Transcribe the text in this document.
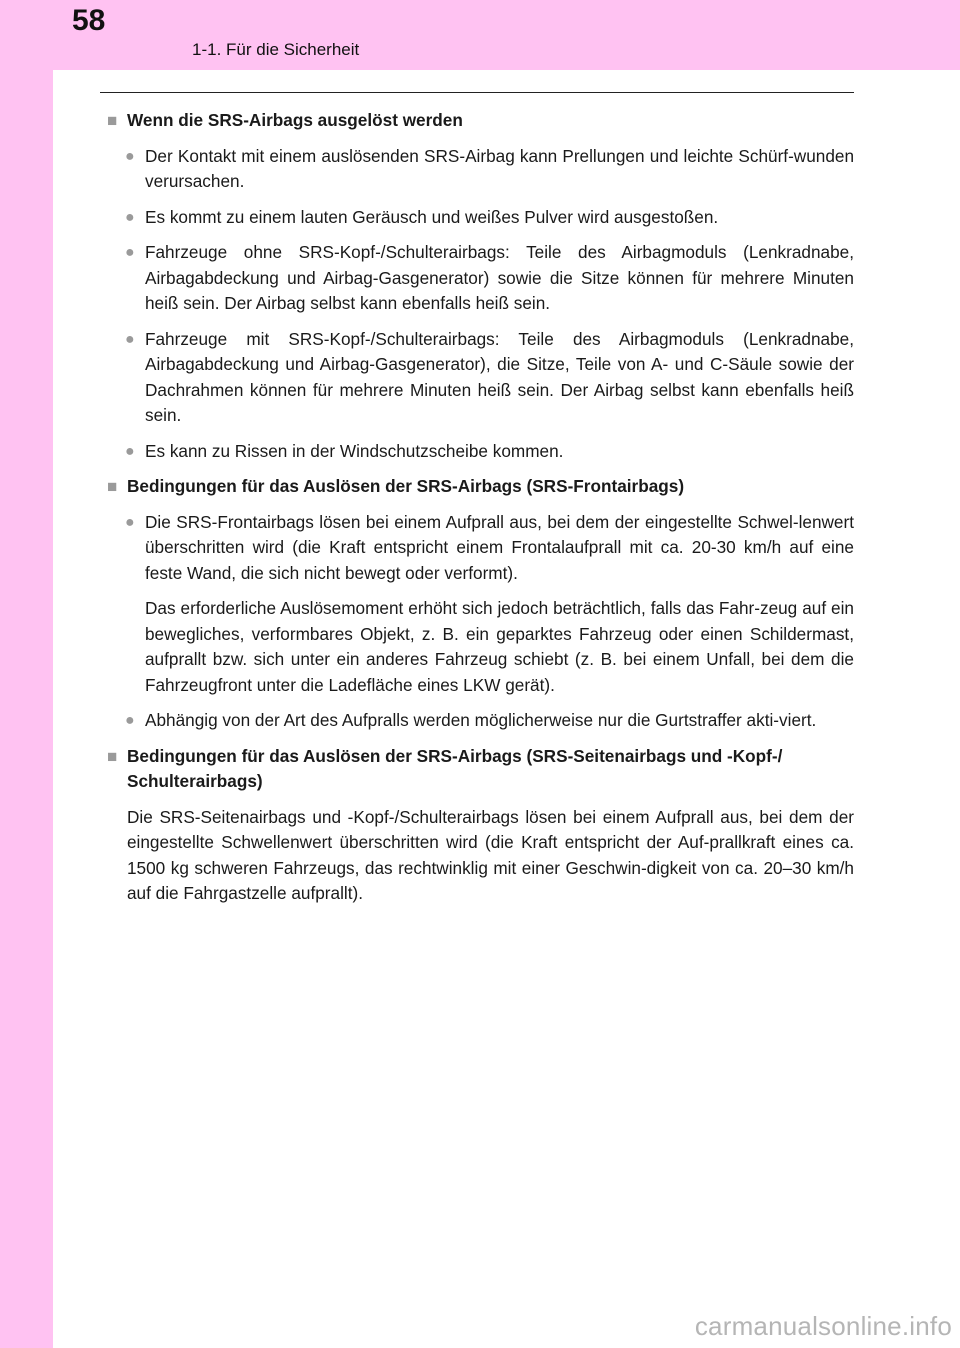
58
1-1. Für die Sicherheit
■ Wenn die SRS-Airbags ausgelöst werden
● Der Kontakt mit einem auslösenden SRS-Airbag kann Prellungen und leichte Schürf-wunden verursachen.
● Es kommt zu einem lauten Geräusch und weißes Pulver wird ausgestoßen.
● Fahrzeuge ohne SRS-Kopf-/Schulterairbags: Teile des Airbagmoduls (Lenkradnabe, Airbagabdeckung und Airbag-Gasgenerator) sowie die Sitze können für mehrere Minuten heiß sein. Der Airbag selbst kann ebenfalls heiß sein.
● Fahrzeuge mit SRS-Kopf-/Schulterairbags: Teile des Airbagmoduls (Lenkradnabe, Airbagabdeckung und Airbag-Gasgenerator), die Sitze, Teile von A- und C-Säule sowie der Dachrahmen können für mehrere Minuten heiß sein. Der Airbag selbst kann ebenfalls heiß sein.
● Es kann zu Rissen in der Windschutzscheibe kommen.
■ Bedingungen für das Auslösen der SRS-Airbags (SRS-Frontairbags)
● Die SRS-Frontairbags lösen bei einem Aufprall aus, bei dem der eingestellte Schwel-lenwert überschritten wird (die Kraft entspricht einem Frontalaufprall mit ca. 20-30 km/h auf eine feste Wand, die sich nicht bewegt oder verformt).
Das erforderliche Auslösemoment erhöht sich jedoch beträchtlich, falls das Fahr-zeug auf ein bewegliches, verformbares Objekt, z. B. ein geparktes Fahrzeug oder einen Schildermast, aufprallt bzw. sich unter ein anderes Fahrzeug schiebt (z. B. bei einem Unfall, bei dem die Fahrzeugfront unter die Ladefläche eines LKW gerät).
● Abhängig von der Art des Aufpralls werden möglicherweise nur die Gurtstraffer akti-viert.
■ Bedingungen für das Auslösen der SRS-Airbags (SRS-Seitenairbags und -Kopf-/ Schulterairbags)
Die SRS-Seitenairbags und -Kopf-/Schulterairbags lösen bei einem Aufprall aus, bei dem der eingestellte Schwellenwert überschritten wird (die Kraft entspricht der Auf-prallkraft eines ca. 1500 kg schweren Fahrzeugs, das rechtwinklig mit einer Geschwin-digkeit von ca. 20–30 km/h auf die Fahrgastzelle aufprallt).
carmanualsonline.info
